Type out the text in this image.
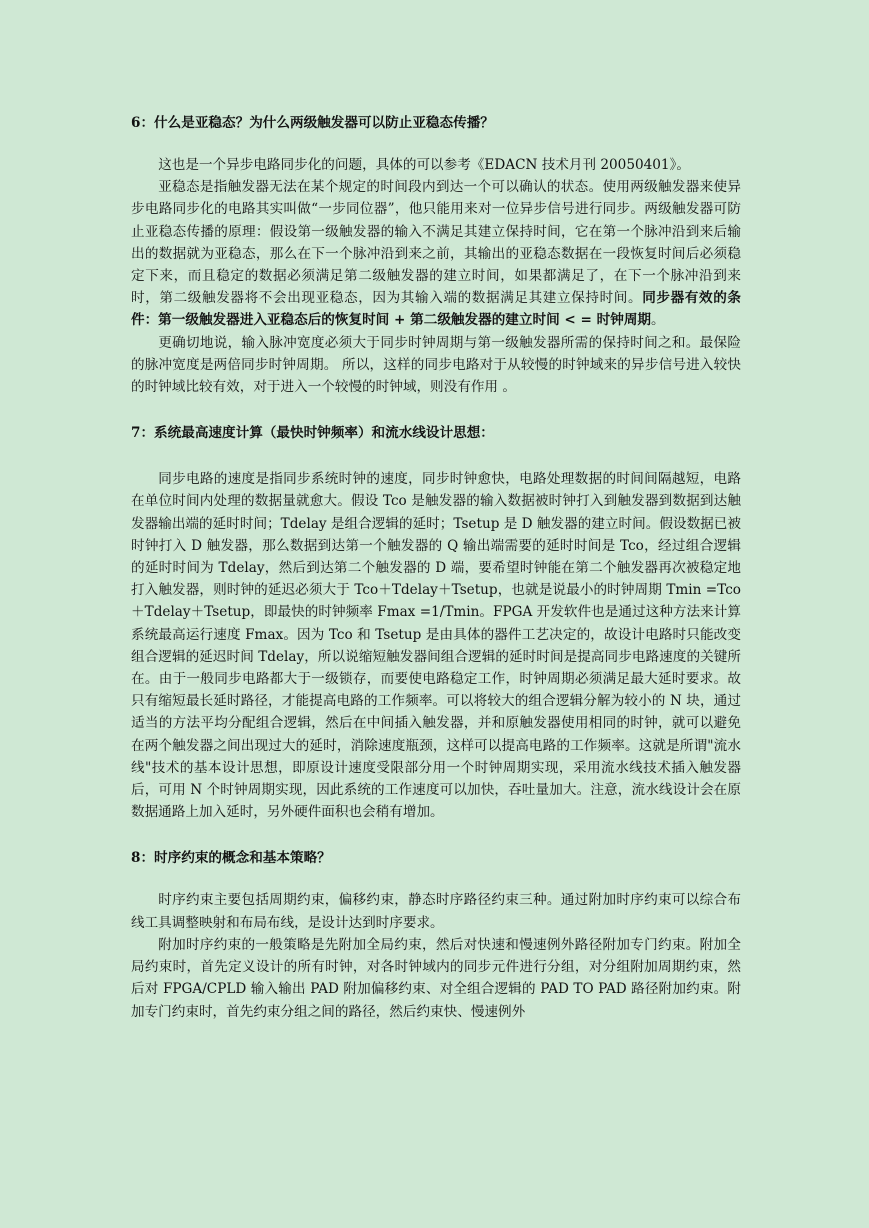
6：什么是亚稳态？为什么两级触发器可以防止亚稳态传播？

这也是一个异步电路同步化的问题，具体的可以参考《EDACN 技术月刊 20050401》。

亚稳态是指触发器无法在某个规定的时间段内到达一个可以确认的状态。使用两级触发器来使异步电路同步化的电路其实叫做“一步同位器”，他只能用来对一位异步信号进行同步。两级触发器可防止亚稳态传播的原理：假设第一级触发器的输入不满足其建立保持时间，它在第一个脉冲沿到来后输出的数据就为亚稳态，那么在下一个脉冲沿到来之前，其输出的亚稳态数据在一段恢复时间后必须稳定下来，而且稳定的数据必须满足第二级触发器的建立时间，如果都满足了，在下一个脉冲沿到来时，第二级触发器将不会出现亚稳态，因为其输入端的数据满足其建立保持时间。同步器有效的条件：第一级触发器进入亚稳态后的恢复时间 + 第二级触发器的建立时间 < = 时钟周期。

更确切地说，输入脉冲宽度必须大于同步时钟周期与第一级触发器所需的保持时间之和。最保险的脉冲宽度是两倍同步时钟周期。 所以，这样的同步电路对于从较慢的时钟域来的异步信号进入较快的时钟域比较有效，对于进入一个较慢的时钟域，则没有作用 。

7：系统最高速度计算（最快时钟频率）和流水线设计思想：

同步电路的速度是指同步系统时钟的速度，同步时钟愈快，电路处理数据的时间间隔越短，电路在单位时间内处理的数据量就愈大。假设 Tco 是触发器的输入数据被时钟打入到触发器到数据到达触发器输出端的延时时间；Tdelay 是组合逻辑的延时；Tsetup 是 D 触发器的建立时间。假设数据已被时钟打入 D 触发器，那么数据到达第一个触发器的 Q 输出端需要的延时时间是 Tco，经过组合逻辑的延时时间为 Tdelay，然后到达第二个触发器的 D 端，要希望时钟能在第二个触发器再次被稳定地打入触发器，则时钟的延迟必须大于 Tco＋Tdelay＋Tsetup，也就是说最小的时钟周期 Tmin =Tco＋Tdelay＋Tsetup，即最快的时钟频率 Fmax =1/Tmin。FPGA 开发软件也是通过这种方法来计算系统最高运行速度 Fmax。因为 Tco 和 Tsetup 是由具体的器件工艺决定的，故设计电路时只能改变组合逻辑的延迟时间 Tdelay，所以说缩短触发器间组合逻辑的延时时间是提高同步电路速度的关键所在。由于一般同步电路都大于一级锁存，而要使电路稳定工作，时钟周期必须满足最大延时要求。故只有缩短最长延时路径，才能提高电路的工作频率。可以将较大的组合逻辑分解为较小的 N 块，通过适当的方法平均分配组合逻辑，然后在中间插入触发器，并和原触发器使用相同的时钟，就可以避免在两个触发器之间出现过大的延时，消除速度瓶颈，这样可以提高电路的工作频率。这就是所谓"流水线"技术的基本设计思想，即原设计速度受限部分用一个时钟周期实现，采用流水线技术插入触发器后，可用 N 个时钟周期实现，因此系统的工作速度可以加快，吞吐量加大。注意，流水线设计会在原数据通路上加入延时，另外硬件面积也会稍有增加。

8：时序约束的概念和基本策略？

时序约束主要包括周期约束，偏移约束，静态时序路径约束三种。通过附加时序约束可以综合布线工具调整映射和布局布线，是设计达到时序要求。

附加时序约束的一般策略是先附加全局约束，然后对快速和慢速例外路径附加专门约束。附加全局约束时，首先定义设计的所有时钟，对各时钟域内的同步元件进行分组，对分组附加周期约束，然后对 FPGA/CPLD 输入输出 PAD 附加偏移约束、对全组合逻辑的 PAD TO PAD 路径附加约束。附加专门约束时，首先约束分组之间的路径，然后约束快、慢速例外
